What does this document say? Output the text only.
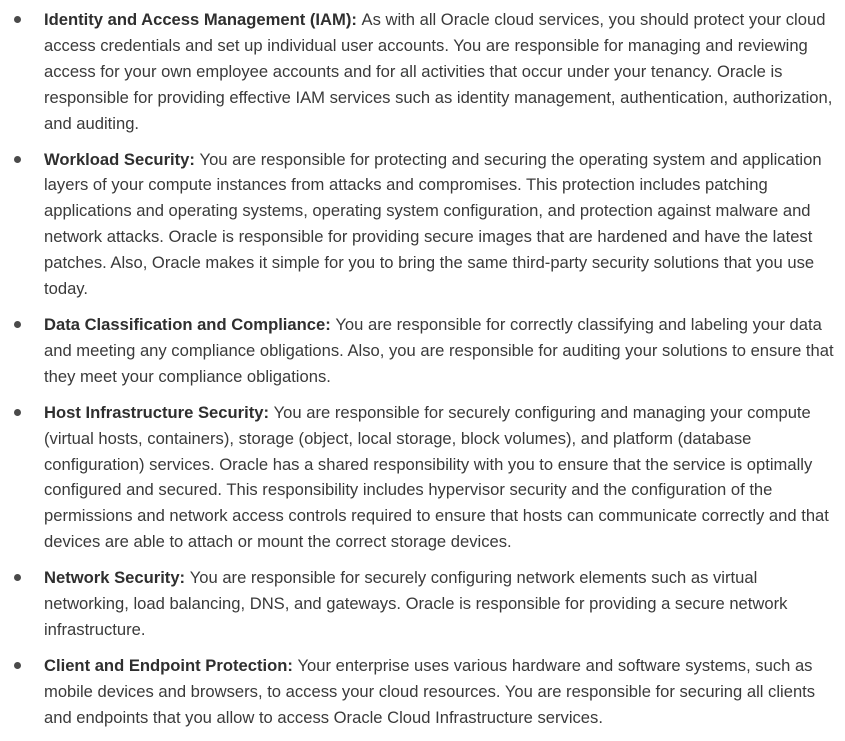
Identity and Access Management (IAM): As with all Oracle cloud services, you should protect your cloud access credentials and set up individual user accounts. You are responsible for managing and reviewing access for your own employee accounts and for all activities that occur under your tenancy. Oracle is responsible for providing effective IAM services such as identity management, authentication, authorization, and auditing.
Workload Security: You are responsible for protecting and securing the operating system and application layers of your compute instances from attacks and compromises. This protection includes patching applications and operating systems, operating system configuration, and protection against malware and network attacks. Oracle is responsible for providing secure images that are hardened and have the latest patches. Also, Oracle makes it simple for you to bring the same third-party security solutions that you use today.
Data Classification and Compliance: You are responsible for correctly classifying and labeling your data and meeting any compliance obligations. Also, you are responsible for auditing your solutions to ensure that they meet your compliance obligations.
Host Infrastructure Security: You are responsible for securely configuring and managing your compute (virtual hosts, containers), storage (object, local storage, block volumes), and platform (database configuration) services. Oracle has a shared responsibility with you to ensure that the service is optimally configured and secured. This responsibility includes hypervisor security and the configuration of the permissions and network access controls required to ensure that hosts can communicate correctly and that devices are able to attach or mount the correct storage devices.
Network Security: You are responsible for securely configuring network elements such as virtual networking, load balancing, DNS, and gateways. Oracle is responsible for providing a secure network infrastructure.
Client and Endpoint Protection: Your enterprise uses various hardware and software systems, such as mobile devices and browsers, to access your cloud resources. You are responsible for securing all clients and endpoints that you allow to access Oracle Cloud Infrastructure services.
